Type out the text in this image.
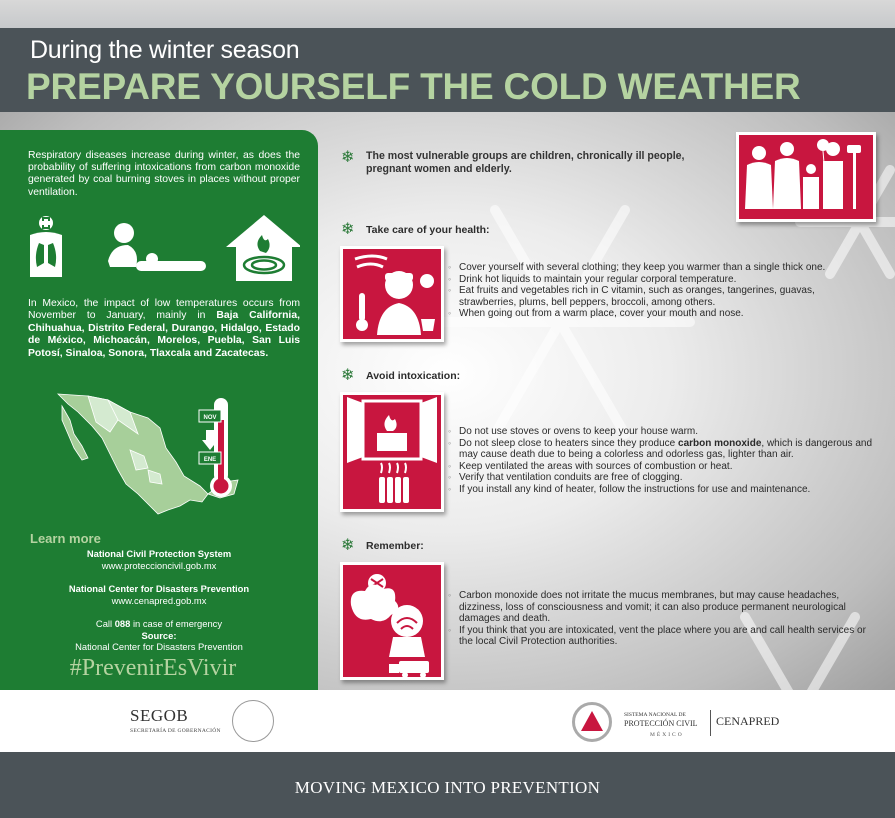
During the winter season
PREPARE YOURSELF THE COLD WEATHER

Respiratory diseases increase during winter, as does the probability of suffering intoxications from carbon monoxide generated by coal burning stoves in places without proper ventilation.

In Mexico, the impact of low temperatures occurs from November to January, mainly in Baja California, Chihuahua, Distrito Federal, Durango, Hidalgo, Estado de México, Michoacán, Morelos, Puebla, San Luis Potosí, Sinaloa, Sonora, Tlaxcala and Zacatecas.

NOV
ENE
Learn more
National Civil Protection System
www.proteccioncivil.gob.mx
National Center for Disasters Prevention
www.cenapred.gob.mx
Call 088 in case of emergency
Source:
National Center for Disasters Prevention
#PrevenirEsVivir
❄ The most vulnerable groups are children, chronically ill people, pregnant women and elderly.
❄ Take care of your health:
◦ Cover yourself with several clothing; they keep you warmer than a single thick one.
◦ Drink hot liquids to maintain your regular corporal temperature.
◦ Eat fruits and vegetables rich in C vitamin, such as oranges, tangerines, guavas, strawberries, plums, bell peppers, broccoli, among others.
◦ When going out from a warm place, cover your mouth and nose.
❄ Avoid intoxication:
◦ Do not use stoves or ovens to keep your house warm.
◦ Do not sleep close to heaters since they produce carbon monoxide, which is dangerous and may cause death due to being a colorless and odorless gas, lighter than air.
◦ Keep ventilated the areas with sources of combustion or heat.
◦ Verify that ventilation conduits are free of clogging.
◦ If you install any kind of heater, follow the instructions for use and maintenance.
❄ Remember:
◦ Carbon monoxide does not irritate the mucus membranes, but may cause headaches, dizziness, loss of consciousness and vomit; it can also produce permanent neurological damages and death.
◦ If you think that you are intoxicated, vent the place where you are and call health services or the local Civil Protection authorities.
SEGOB
SECRETARÍA DE GOBERNACIÓN
SISTEMA NACIONAL DE
PROTECCIÓN CIVIL CENAPRED
MÉXICO
MOVING MEXICO INTO PREVENTION
